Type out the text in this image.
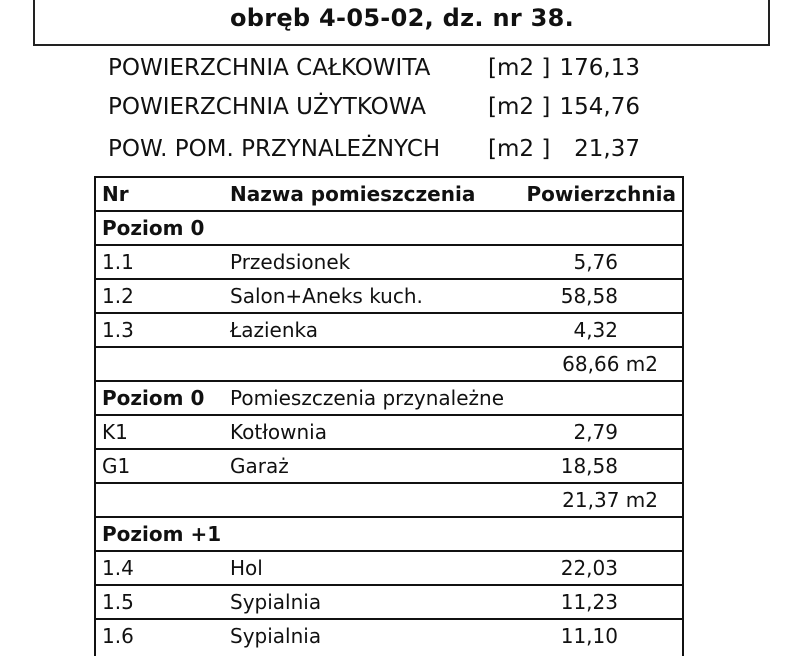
obręb 4-05-02, dz. nr 38.
POWIERZCHNIA CAŁKOWITA	[m2 ] 176,13
POWIERZCHNIA UŻYTKOWA	[m2 ] 154,76
POW. POM. PRZYNALEŻNYCH [m2 ]	21,37
Nr	Nazwa pomieszczenia	Powierzchnia
Poziom 0
1.1	Przedsionek	5,76
1.2	Salon+Aneks kuch.	58,58
1.3	Łazienka	4,32
68,66 m2
Poziom 0 Pomieszczenia przynależne
K1	Kotłownia	2,79
G1	Garaż	18,58
21,37 m2
Poziom +1
1.4	Hol	22,03
1.5	Sypialnia	11,23
1.6	Sypialnia	11,10
